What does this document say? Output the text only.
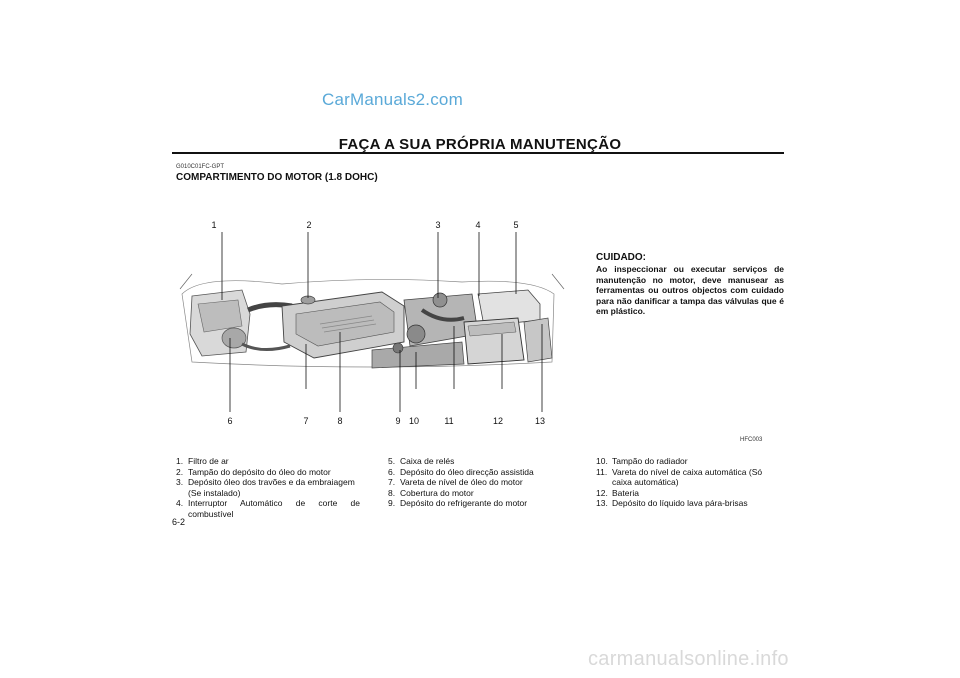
CarManuals2.com
FAÇA A SUA PRÓPRIA MANUTENÇÃO
G010C01FC-GPT
COMPARTIMENTO DO MOTOR (1.8 DOHC)
1	2	3	4	5
6	7	8	9 10	11	12	13
CUIDADO:
Ao inspeccionar ou executar serviços de manutenção no motor, deve manusear as ferramentas ou outros objectos com cuidado para não danificar a tampa das válvulas que é em plástico.
HFC003
1. Filtro de ar
2. Tampão do depósito do óleo do motor
3. Depósito óleo dos travões e da embraiagem (Se instalado)
4. Interruptor Automático de corte de combustível
5. Caixa de relés
6. Depósito do óleo direcção assistida
7. Vareta de nível de óleo do motor
8. Cobertura do motor
9. Depósito do refrigerante do motor
10. Tampão do radiador
11. Vareta do nível de caixa automática (Só caixa automática)
12. Bateria
13. Depósito do líquido lava pára-brisas
6-2
carmanualsonline.info
